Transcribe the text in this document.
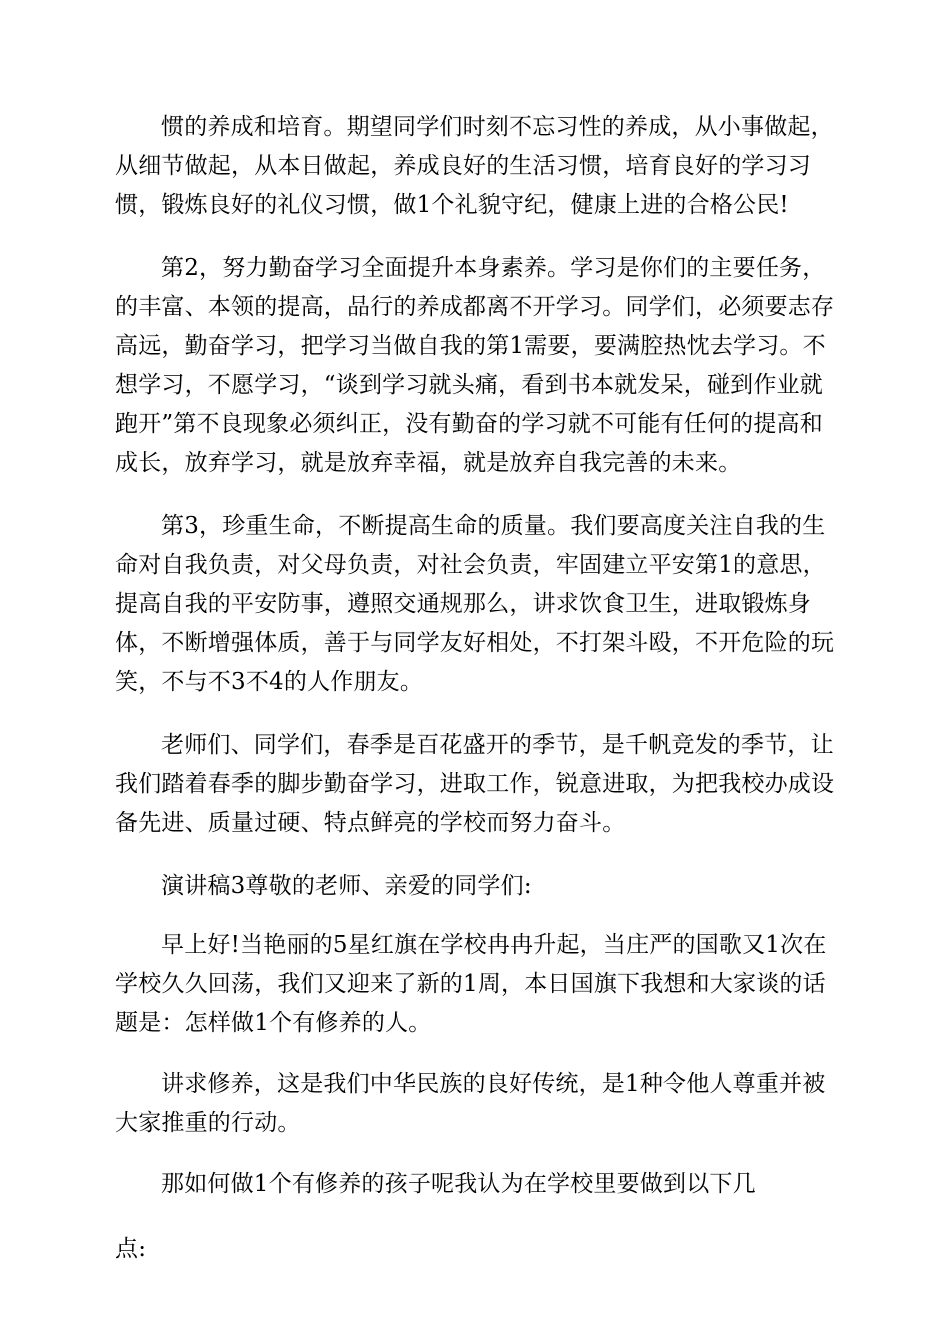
惯的养成和培育。期望同学们时刻不忘习性的养成，从小事做起，从细节做起，从本日做起，养成良好的生活习惯，培育良好的学习习惯，锻炼良好的礼仪习惯，做1个礼貌守纪，健康上进的合格公民!

第2，努力勤奋学习全面提升本身素养。学习是你们的主要任务，的丰富、本领的提高，品行的养成都离不开学习。同学们，必须要志存高远，勤奋学习，把学习当做自我的第1需要，要满腔热忱去学习。不想学习，不愿学习，“谈到学习就头痛，看到书本就发呆，碰到作业就跑开”第不良现象必须纠正，没有勤奋的学习就不可能有任何的提高和成长，放弃学习，就是放弃幸福，就是放弃自我完善的未来。

第3，珍重生命，不断提高生命的质量。我们要高度关注自我的生命对自我负责，对父母负责，对社会负责，牢固建立平安第1的意思，提高自我的平安防事，遵照交通规那么，讲求饮食卫生，进取锻炼身体，不断增强体质，善于与同学友好相处，不打架斗殴，不开危险的玩笑，不与不3不4的人作朋友。

老师们、同学们，春季是百花盛开的季节，是千帆竞发的季节，让我们踏着春季的脚步勤奋学习，进取工作，锐意进取，为把我校办成设备先进、质量过硬、特点鲜亮的学校而努力奋斗。

演讲稿3尊敬的老师、亲爱的同学们:

早上好!当艳丽的5星红旗在学校冉冉升起，当庄严的国歌又1次在学校久久回荡，我们又迎来了新的1周，本日国旗下我想和大家谈的话题是：怎样做1个有修养的人。

讲求修养，这是我们中华民族的良好传统，是1种令他人尊重并被大家推重的行动。

那如何做1个有修养的孩子呢我认为在学校里要做到以下几

点:
